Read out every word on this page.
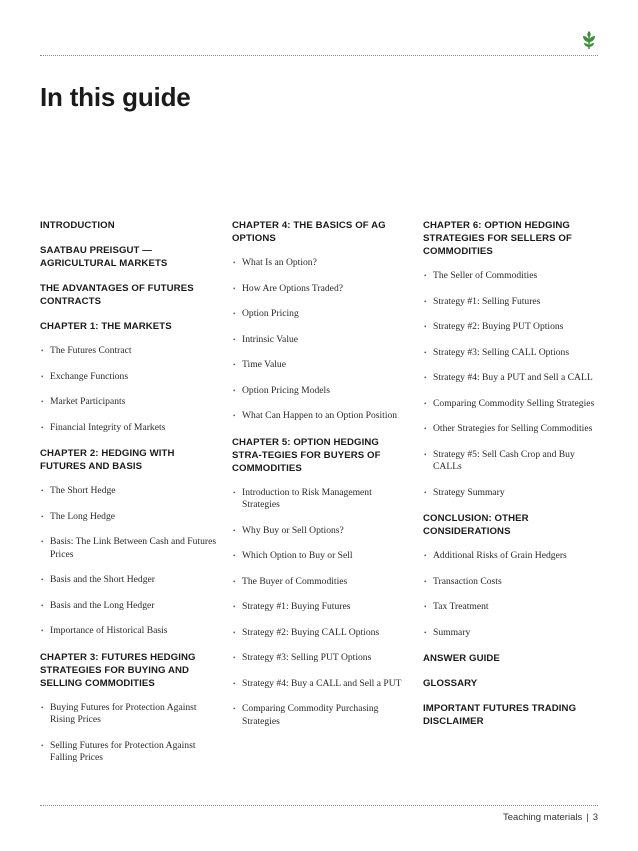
In this guide
INTRODUCTION
SAATBAU PREISGUT — AGRICULTURAL MARKETS
THE ADVANTAGES OF FUTURES CONTRACTS
CHAPTER 1: THE MARKETS
• The Futures Contract
• Exchange Functions
• Market Participants
• Financial Integrity of Markets
CHAPTER 2: HEDGING WITH FUTURES AND BASIS
• The Short Hedge
• The Long Hedge
• Basis: The Link Between Cash and Futures Prices
• Basis and the Short Hedger
• Basis and the Long Hedger
• Importance of Historical Basis
CHAPTER 3: FUTURES HEDGING STRATEGIES FOR BUYING AND SELLING COMMODITIES
• Buying Futures for Protection Against Rising Prices
• Selling Futures for Protection Against Falling Prices
CHAPTER 4: THE BASICS OF AG OPTIONS
• What Is an Option?
• How Are Options Traded?
• Option Pricing
• Intrinsic Value
• Time Value
• Option Pricing Models
• What Can Happen to an Option Position
CHAPTER 5: OPTION HEDGING STRA-TEGIES FOR BUYERS OF COMMODITIES
• Introduction to Risk Management Strategies
• Why Buy or Sell Options?
• Which Option to Buy or Sell
• The Buyer of Commodities
• Strategy #1: Buying Futures
• Strategy #2: Buying CALL Options
• Strategy #3: Selling PUT Options
• Strategy #4: Buy a CALL and Sell a PUT
• Comparing Commodity Purchasing Strategies
CHAPTER 6: OPTION HEDGING STRATEGIES FOR SELLERS OF COMMODITIES
• The Seller of Commodities
• Strategy #1: Selling Futures
• Strategy #2: Buying PUT Options
• Strategy #3: Selling CALL Options
• Strategy #4: Buy a PUT and Sell a CALL
• Comparing Commodity Selling Strategies
• Other Strategies for Selling Commodities
• Strategy #5: Sell Cash Crop and Buy CALLs
• Strategy Summary
CONCLUSION: OTHER CONSIDERATIONS
• Additional Risks of Grain Hedgers
• Transaction Costs
• Tax Treatment
• Summary
ANSWER GUIDE
GLOSSARY
IMPORTANT FUTURES TRADING DISCLAIMER
Teaching materials | 3
